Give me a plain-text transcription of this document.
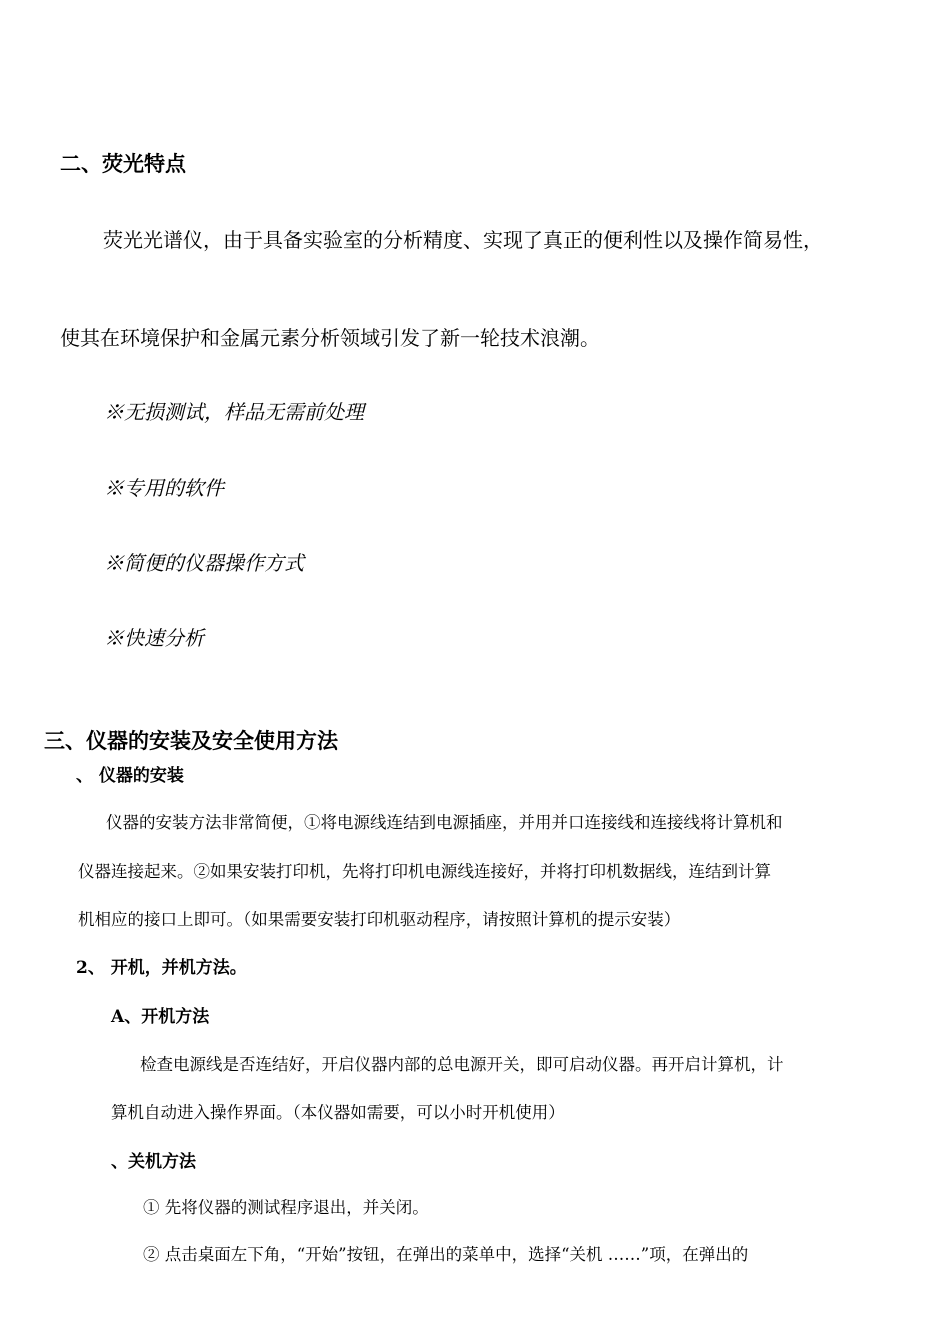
二、荧光特点
荧光光谱仪，由于具备实验室的分析精度、实现了真正的便利性以及操作简易性，
使其在环境保护和金属元素分析领域引发了新一轮技术浪潮。
※无损测试，样品无需前处理
※专用的软件
※简便的仪器操作方式
※快速分析
三、仪器的安装及安全使用方法
、 仪器的安装
仪器的安装方法非常简便，①将电源线连结到电源插座，并用并口连接线和连接线将计算机和
仪器连接起来。②如果安装打印机，先将打印机电源线连接好，并将打印机数据线，连结到计算
机相应的接口上即可。（如果需要安装打印机驱动程序，请按照计算机的提示安装）
2、 开机，并机方法。
A、开机方法
检查电源线是否连结好，开启仪器内部的总电源开关，即可启动仪器。再开启计算机，计
算机自动进入操作界面。（本仪器如需要，可以小时开机使用）
、关机方法
① 先将仪器的测试程序退出，并关闭。
② 点击桌面左下角，“开始”按钮，在弹出的菜单中，选择“关机 ……”项，在弹出的
